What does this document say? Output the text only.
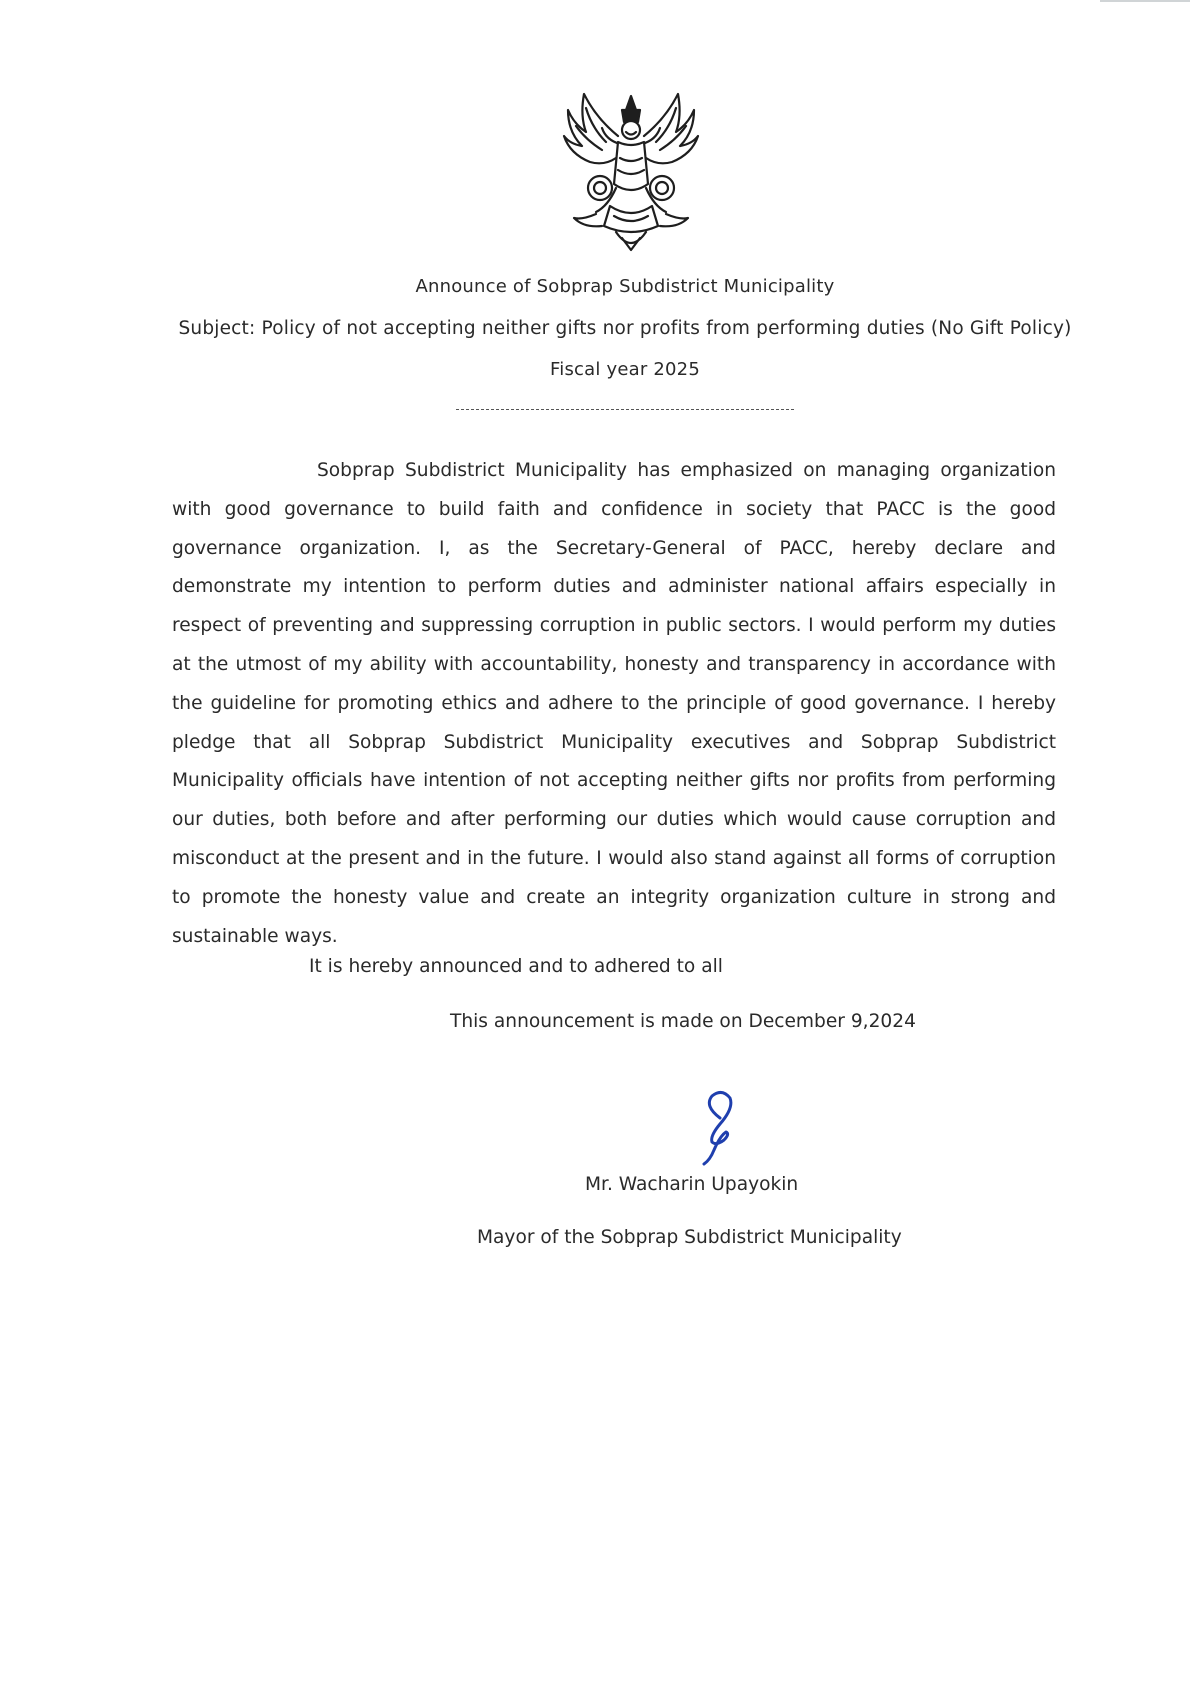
Announce of Sobprap Subdistrict Municipality
Subject: Policy of not accepting neither gifts nor profits from performing duties (No Gift Policy)
Fiscal year 2025

Sobprap Subdistrict Municipality has emphasized on managing organization with good governance to build faith and confidence in society that PACC is the good governance organization. I, as the Secretary-General of PACC, hereby declare and demonstrate my intention to perform duties and administer national affairs especially in respect of preventing and suppressing corruption in public sectors. I would perform my duties at the utmost of my ability with accountability, honesty and transparency in accordance with the guideline for promoting ethics and adhere to the principle of good governance. I hereby pledge that all Sobprap Subdistrict Municipality executives and Sobprap Subdistrict Municipality officials have intention of not accepting neither gifts nor profits from performing our duties, both before and after performing our duties which would cause corruption and misconduct at the present and in the future. I would also stand against all forms of corruption to promote the honesty value and create an integrity organization culture in strong and sustainable ways.

It is hereby announced and to adhered to all
This announcement is made on December 9,2024
Mr. Wacharin Upayokin
Mayor of the Sobprap Subdistrict Municipality
